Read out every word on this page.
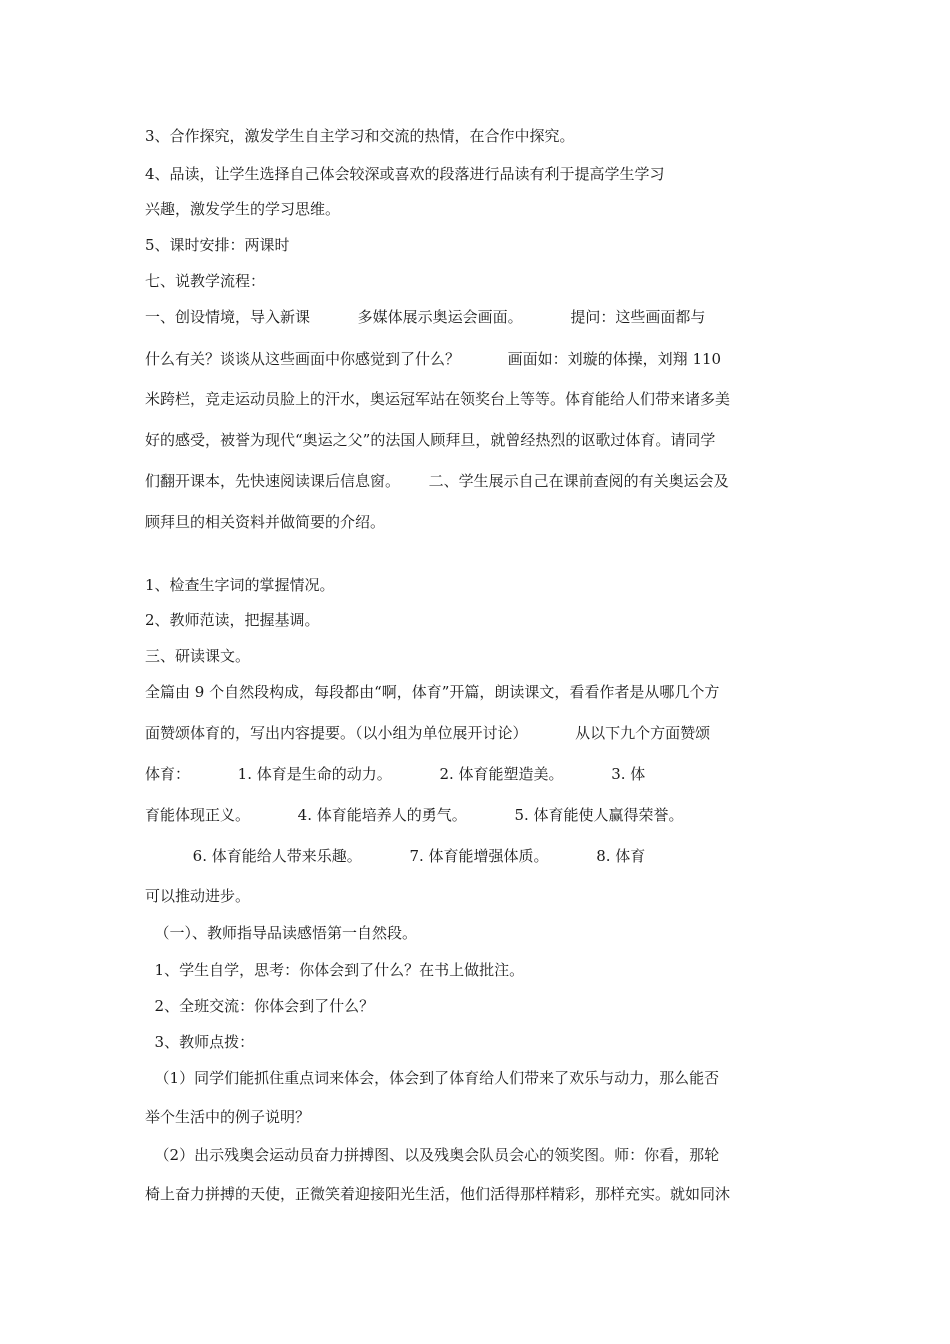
3、合作探究，激发学生自主学习和交流的热情，在合作中探究。
4、品读，让学生选择自己体会较深或喜欢的段落进行品读有利于提高学生学习
兴趣，激发学生的学习思维。
5、课时安排：两课时
七、说教学流程：
一、创设情境，导入新课          多媒体展示奥运会画面。          提问：这些画面都与
什么有关？谈谈从这些画面中你感觉到了什么？          画面如：刘璇的体操，刘翔 110
米跨栏，竞走运动员脸上的汗水，奥运冠军站在领奖台上等等。体育能给人们带来诸多美
好的感受，被誉为现代“奥运之父”的法国人顾拜旦，就曾经热烈的讴歌过体育。请同学
们翻开课本，先快速阅读课后信息窗。      二、学生展示自己在课前查阅的有关奥运会及
顾拜旦的相关资料并做简要的介绍。
1、检查生字词的掌握情况。
2、教师范读，把握基调。
三、研读课文。
全篇由 9 个自然段构成，每段都由“啊，体育”开篇，朗读课文，看看作者是从哪几个方
面赞颂体育的，写出内容提要。（以小组为单位展开讨论）          从以下九个方面赞颂
体育：          1. 体育是生命的动力。          2. 体育能塑造美。          3. 体
育能体现正义。          4. 体育能培养人的勇气。          5. 体育能使人赢得荣誉。
6. 体育能给人带来乐趣。          7. 体育能增强体质。          8. 体育
可以推动进步。
（一）、教师指导品读感悟第一自然段。
1、学生自学，思考：你体会到了什么？在书上做批注。
2、全班交流：你体会到了什么？
3、教师点拨：
（1）同学们能抓住重点词来体会，体会到了体育给人们带来了欢乐与动力，那么能否
举个生活中的例子说明？
（2）出示残奥会运动员奋力拼搏图、以及残奥会队员会心的领奖图。师：你看，那轮
椅上奋力拼搏的天使，正微笑着迎接阳光生活，他们活得那样精彩，那样充实。就如同沐
